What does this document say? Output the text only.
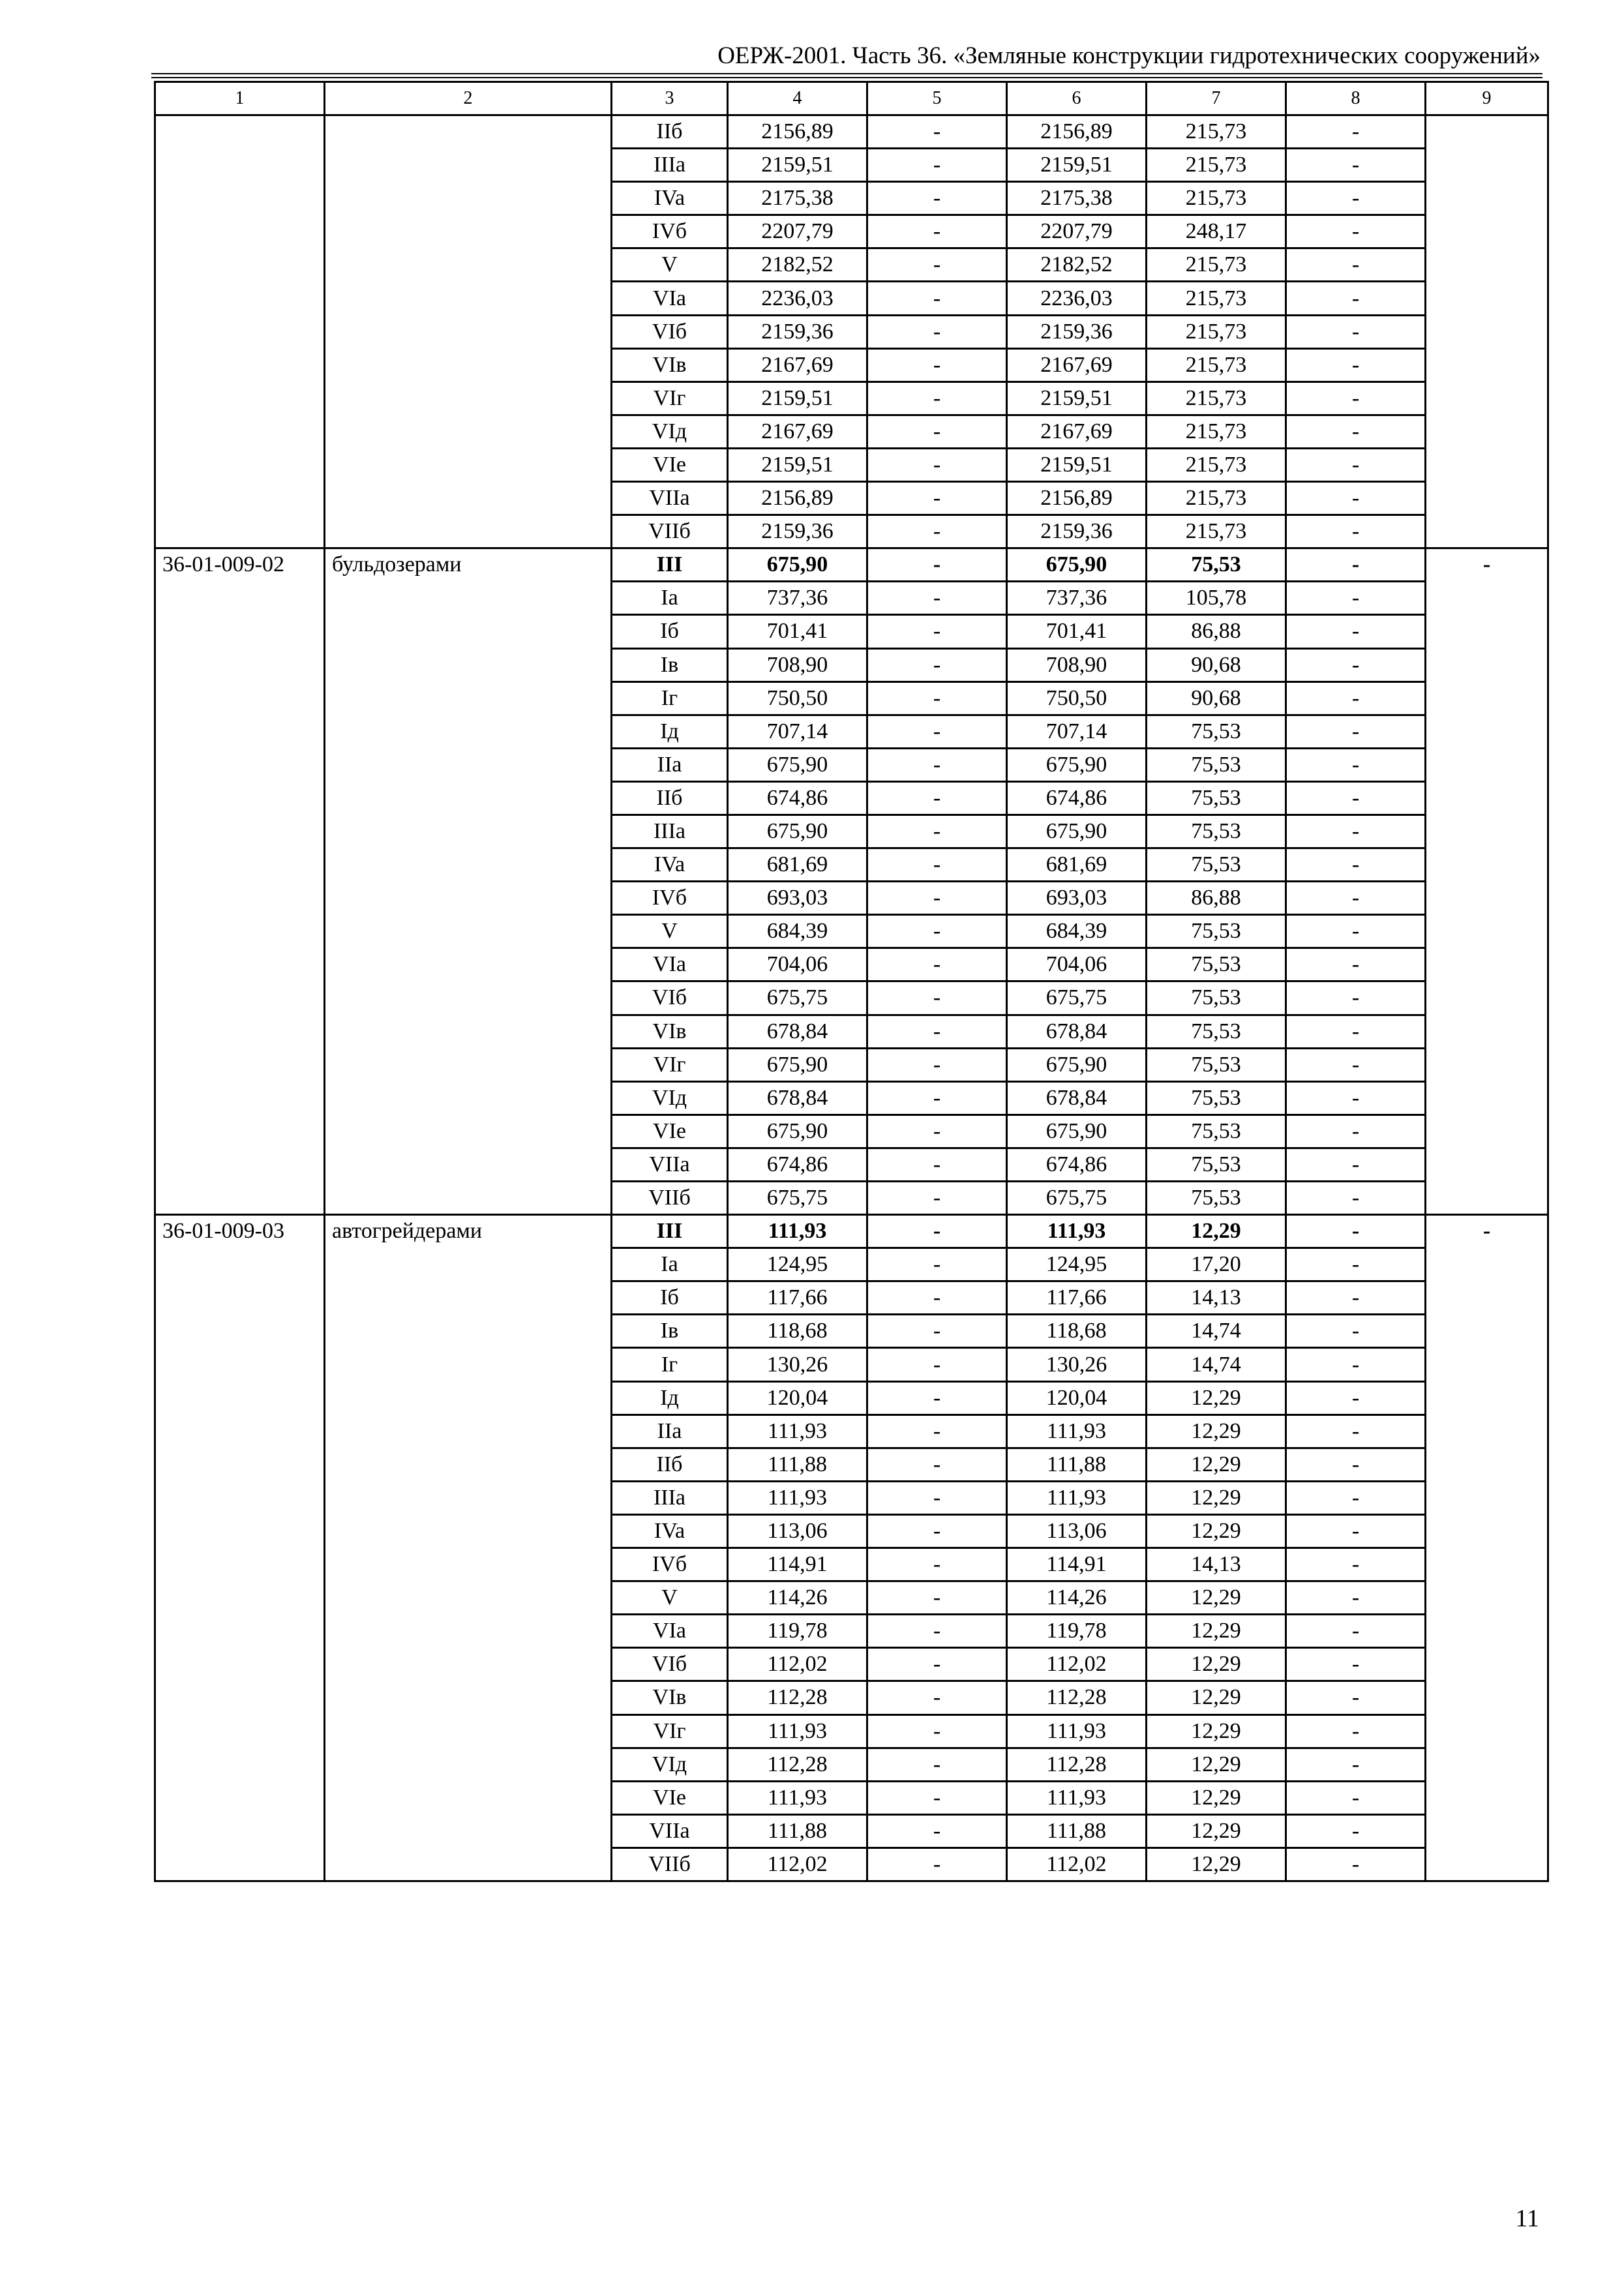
ОЕРЖ-2001. Часть 36. «Земляные конструкции гидротехнических сооружений»
1	2	3	4	5	6	7	8	9
		IIб	2156,89	-	2156,89	215,73	-	
		IIIa	2159,51	-	2159,51	215,73	-	
		IVa	2175,38	-	2175,38	215,73	-	
		IVб	2207,79	-	2207,79	248,17	-	
		V	2182,52	-	2182,52	215,73	-	
		VIa	2236,03	-	2236,03	215,73	-	
		VIб	2159,36	-	2159,36	215,73	-	
		VIв	2167,69	-	2167,69	215,73	-	
		VIг	2159,51	-	2159,51	215,73	-	
		VIд	2167,69	-	2167,69	215,73	-	
		VIe	2159,51	-	2159,51	215,73	-	
		VIIa	2156,89	-	2156,89	215,73	-	
		VIIб	2159,36	-	2159,36	215,73	-	
36-01-009-02	бульдозерами	III	675,90	-	675,90	75,53	-	-
		Ia	737,36	-	737,36	105,78	-	
		Iб	701,41	-	701,41	86,88	-	
		Iв	708,90	-	708,90	90,68	-	
		Iг	750,50	-	750,50	90,68	-	
		Iд	707,14	-	707,14	75,53	-	
		IIa	675,90	-	675,90	75,53	-	
		IIб	674,86	-	674,86	75,53	-	
		IIIa	675,90	-	675,90	75,53	-	
		IVa	681,69	-	681,69	75,53	-	
		IVб	693,03	-	693,03	86,88	-	
		V	684,39	-	684,39	75,53	-	
		VIa	704,06	-	704,06	75,53	-	
		VIб	675,75	-	675,75	75,53	-	
		VIв	678,84	-	678,84	75,53	-	
		VIг	675,90	-	675,90	75,53	-	
		VIд	678,84	-	678,84	75,53	-	
		VIe	675,90	-	675,90	75,53	-	
		VIIa	674,86	-	674,86	75,53	-	
		VIIб	675,75	-	675,75	75,53	-	
36-01-009-03	автогрейдерами	III	111,93	-	111,93	12,29	-	-
		Ia	124,95	-	124,95	17,20	-	
		Iб	117,66	-	117,66	14,13	-	
		Iв	118,68	-	118,68	14,74	-	
		Iг	130,26	-	130,26	14,74	-	
		Iд	120,04	-	120,04	12,29	-	
		IIa	111,93	-	111,93	12,29	-	
		IIб	111,88	-	111,88	12,29	-	
		IIIa	111,93	-	111,93	12,29	-	
		IVa	113,06	-	113,06	12,29	-	
		IVб	114,91	-	114,91	14,13	-	
		V	114,26	-	114,26	12,29	-	
		VIa	119,78	-	119,78	12,29	-	
		VIб	112,02	-	112,02	12,29	-	
		VIв	112,28	-	112,28	12,29	-	
		VIг	111,93	-	111,93	12,29	-	
		VIд	112,28	-	112,28	12,29	-	
		VIe	111,93	-	111,93	12,29	-	
		VIIa	111,88	-	111,88	12,29	-	
		VIIб	112,02	-	112,02	12,29	-	
11
